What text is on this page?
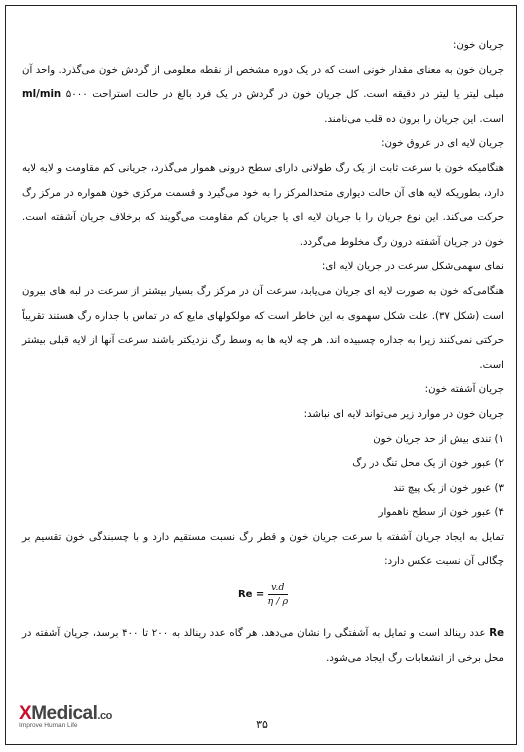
جریان خون:

جریان خون به معنای مقدار خونی است که در یک دوره مشخص از نقطه معلومی از گردش خون می‌گذرد. واحد آن میلی لیتر یا لیتر در دقیقه است. کل جریان خون در گردش در یک فرد بالغ در حالت استراحت ۵۰۰۰ ml/min است. این جریان را برون ده قلب می‌نامند.

جریان لایه ای در عروق خون:

هنگامیکه خون با سرعت ثابت از یک رگ طولانی دارای سطح درونی هموار می‌گذرد، جریانی کم مقاومت و لایه لایه دارد، بطوریکه لایه های آن حالت دیواری متحدالمرکز را به خود می‌گیرد و قسمت مرکزی خون همواره در مرکز رگ حرکت می‌کند. این نوع جریان را با جریان لایه ای یا جریان کم مقاومت می‌گویند که برخلاف جریان آشفته است. خون در جریان آشفته درون رگ مخلوط می‌گردد.

نمای سهمی‌شکل سرعت در جریان لایه ای:

هنگامی‌که خون به صورت لایه ای جریان می‌یابد، سرعت آن در مرکز رگ بسیار بیشتر از سرعت در لبه های بیرون است (شکل ۳۷). علت شکل سهموی به این خاطر است که مولکولهای مایع که در تماس با جداره رگ هستند تقریباً حرکتی نمی‌کنند زیرا به جداره چسبیده اند. هر چه لایه ها به وسط رگ نزدیکتر باشند سرعت آنها از لایه قبلی بیشتر است.

جریان آشفته خون:

جریان خون در موارد زیر می‌تواند لایه ای نباشد:

۱) تندی بیش از حد جریان خون

۲) عبور خون از یک محل تنگ در رگ

۳) عبور خون از یک پیچ تند

۴) عبور خون از سطح ناهموار

تمایل به ایجاد جریان آشفته با سرعت جریان خون و قطر رگ نسبت مستقیم دارد و با چسبندگی خون تقسیم بر چگالی آن نسبت عکس دارد:

$Re = \frac{v.d}{\eta / \rho}$

Re عدد رینالد است و تمایل به آشفتگی را نشان می‌دهد. هر گاه عدد رینالد به ۲۰۰ تا ۴۰۰ برسد، جریان آشفته در محل برخی از انشعابات رگ ایجاد می‌شود.

XMedical.co
Improve Human Life	۳۵
